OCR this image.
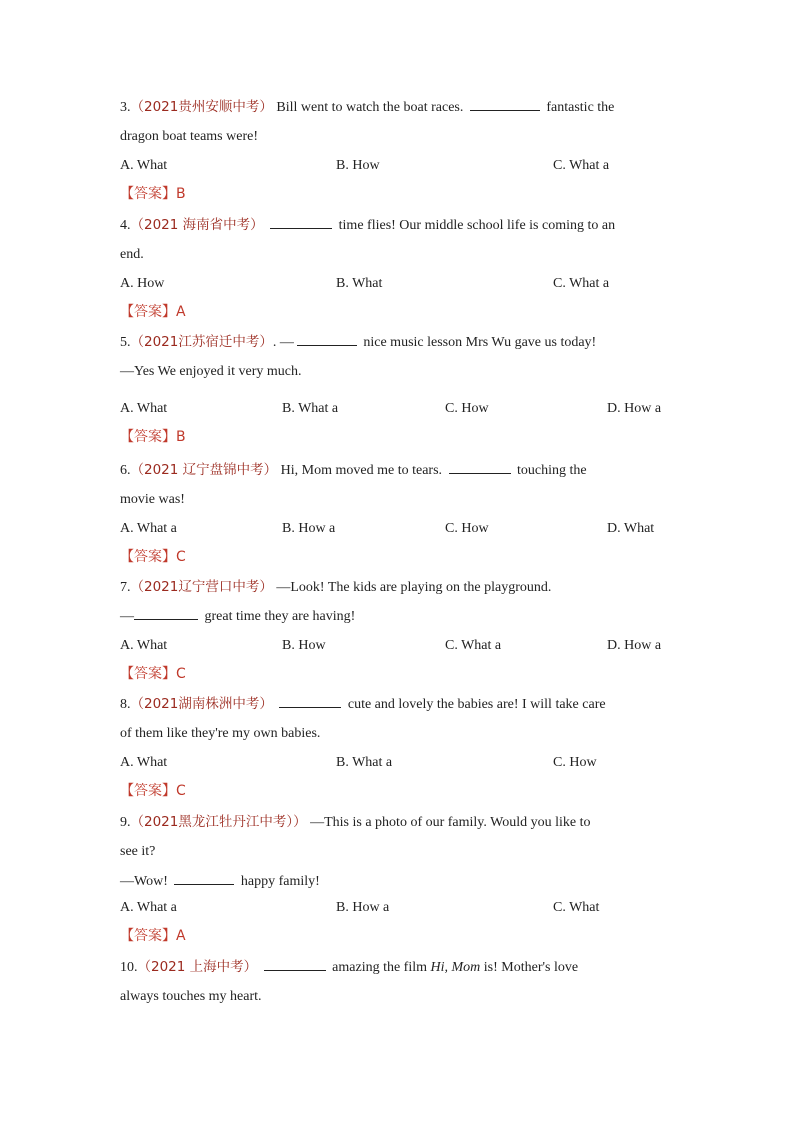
3.（2021贵州安顺中考） Bill went to watch the boat races.	fantastic the
dragon boat teams were!
A. What	B. How	C. What a
【答案】B
4.（2021 海南省中考）	time flies! Our middle school life is coming to an
end.
A. How	B. What	C. What a
【答案】A
5.（2021江苏宿迁中考）. —	nice music lesson Mrs Wu gave us today!
—Yes We enjoyed it very much.
A. What	B. What a	C. How	D. How a
【答案】B
6.（2021 辽宁盘锦中考） Hi, Mom moved me to tears.	touching the
movie was!
A. What a	B. How a	C. How	D. What
【答案】C
7.（2021辽宁营口中考） —Look! The kids are playing on the playground.
—	great time they are having!
A. What	B. How	C. What a	D. How a
【答案】C
8.（2021湖南株洲中考）	cute and lovely the babies are! I will take care
of them like they're my own babies.
A. What	B. What a	C. How
【答案】C
9.（2021黑龙江牡丹江中考）） —This is a photo of our family. Would you like to
see it?
—Wow!	happy family!
A. What a	B. How a	C. What
【答案】A
10.（2021 上海中考）	amazing the film Hi, Mom is! Mother's love
always touches my heart.
